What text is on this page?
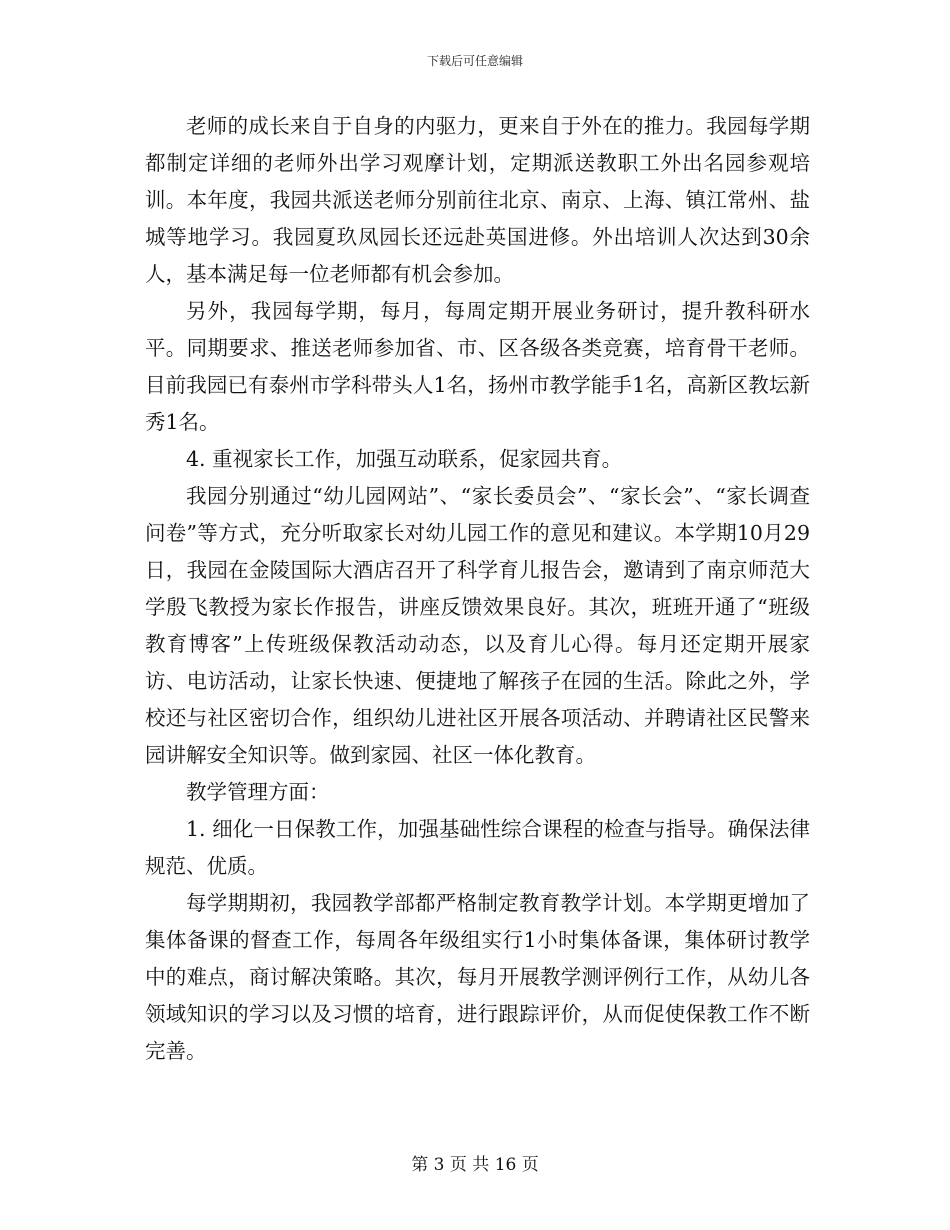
下载后可任意编辑

老师的成长来自于自身的内驱力，更来自于外在的推力。我园每学期都制定详细的老师外出学习观摩计划，定期派送教职工外出名园参观培训。本年度，我园共派送老师分别前往北京、南京、上海、镇江常州、盐城等地学习。我园夏玖凤园长还远赴英国进修。外出培训人次达到30余人，基本满足每一位老师都有机会参加。

另外，我园每学期，每月，每周定期开展业务研讨，提升教科研水平。同期要求、推送老师参加省、市、区各级各类竞赛，培育骨干老师。目前我园已有泰州市学科带头人1名，扬州市教学能手1名，高新区教坛新秀1名。

4. 重视家长工作，加强互动联系，促家园共育。

我园分别通过“幼儿园网站”、“家长委员会”、“家长会”、“家长调查问卷”等方式，充分听取家长对幼儿园工作的意见和建议。本学期10月29日，我园在金陵国际大酒店召开了科学育儿报告会，邀请到了南京师范大学殷飞教授为家长作报告，讲座反馈效果良好。其次，班班开通了“班级教育博客”上传班级保教活动动态，以及育儿心得。每月还定期开展家访、电访活动，让家长快速、便捷地了解孩子在园的生活。除此之外，学校还与社区密切合作，组织幼儿进社区开展各项活动、并聘请社区民警来园讲解安全知识等。做到家园、社区一体化教育。

教学管理方面：

1. 细化一日保教工作，加强基础性综合课程的检查与指导。确保法律规范、优质。

每学期期初，我园教学部都严格制定教育教学计划。本学期更增加了集体备课的督查工作，每周各年级组实行1小时集体备课，集体研讨教学中的难点，商讨解决策略。其次，每月开展教学测评例行工作，从幼儿各领域知识的学习以及习惯的培育，进行跟踪评价，从而促使保教工作不断完善。

第 3 页 共 16 页
